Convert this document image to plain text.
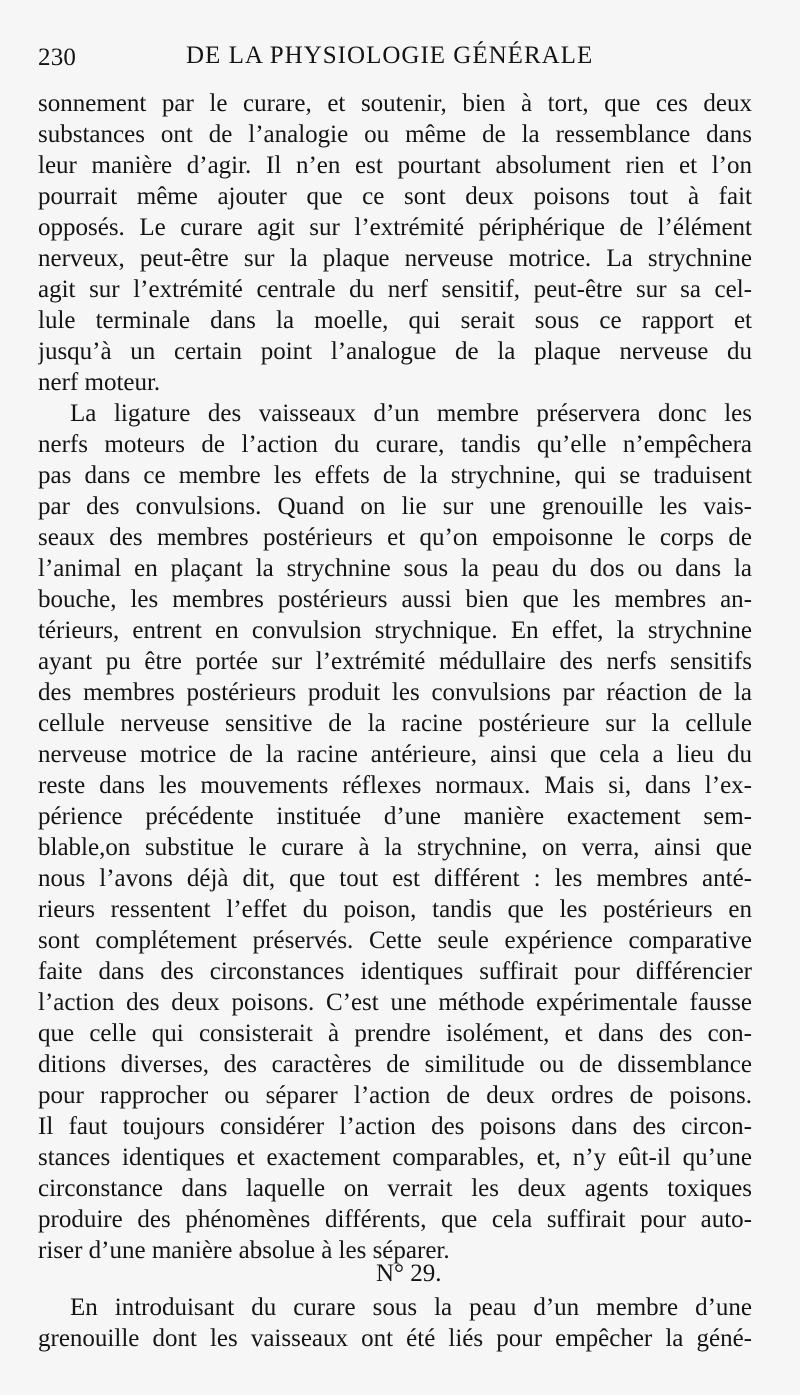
230	DE LA PHYSIOLOGIE GÉNÉRALE
sonnement par le curare, et soutenir, bien à tort, que ces deux
substances ont de l’analogie ou même de la ressemblance dans
leur manière d’agir. Il n’en est pourtant absolument rien et l’on
pourrait même ajouter que ce sont deux poisons tout à fait
opposés. Le curare agit sur l’extrémité périphérique de l’élément
nerveux, peut-être sur la plaque nerveuse motrice. La strychnine
agit sur l’extrémité centrale du nerf sensitif, peut-être sur sa cel-
lule terminale dans la moelle, qui serait sous ce rapport et
jusqu’à un certain point l’analogue de la plaque nerveuse du
nerf moteur.
La ligature des vaisseaux d’un membre préservera donc les
nerfs moteurs de l’action du curare, tandis qu’elle n’empêchera
pas dans ce membre les effets de la strychnine, qui se traduisent
par des convulsions. Quand on lie sur une grenouille les vais-
seaux des membres postérieurs et qu’on empoisonne le corps de
l’animal en plaçant la strychnine sous la peau du dos ou dans la
bouche, les membres postérieurs aussi bien que les membres an-
térieurs, entrent en convulsion strychnique. En effet, la strychnine
ayant pu être portée sur l’extrémité médullaire des nerfs sensitifs
des membres postérieurs produit les convulsions par réaction de la
cellule nerveuse sensitive de la racine postérieure sur la cellule
nerveuse motrice de la racine antérieure, ainsi que cela a lieu du
reste dans les mouvements réflexes normaux. Mais si, dans l’ex-
périence précédente instituée d’une manière exactement sem-
blable,on substitue le curare à la strychnine, on verra, ainsi que
nous l’avons déjà dit, que tout est différent : les membres anté-
rieurs ressentent l’effet du poison, tandis que les postérieurs en
sont complétement préservés. Cette seule expérience comparative
faite dans des circonstances identiques suffirait pour différencier
l’action des deux poisons. C’est une méthode expérimentale fausse
que celle qui consisterait à prendre isolément, et dans des con-
ditions diverses, des caractères de similitude ou de dissemblance
pour rapprocher ou séparer l’action de deux ordres de poisons.
Il faut toujours considérer l’action des poisons dans des circon-
stances identiques et exactement comparables, et, n’y eût-il qu’une
circonstance dans laquelle on verrait les deux agents toxiques
produire des phénomènes différents, que cela suffirait pour auto-
riser d’une manière absolue à les séparer.
N° 29.
En introduisant du curare sous la peau d’un membre d’une
grenouille dont les vaisseaux ont été liés pour empêcher la géné-
